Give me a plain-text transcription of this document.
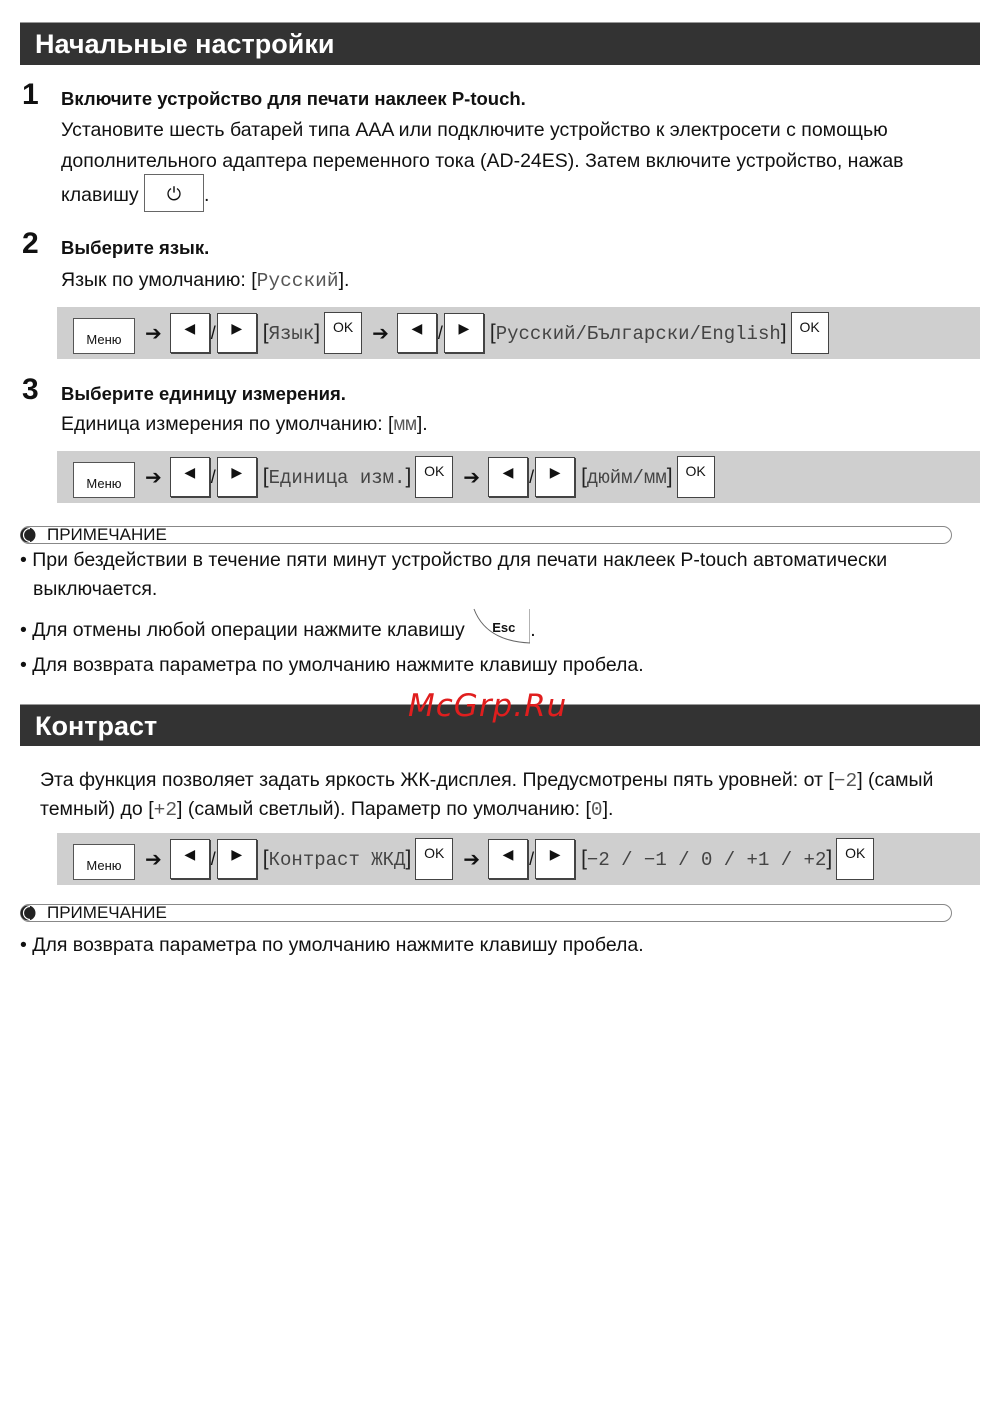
Начальные настройки
1 Включите устройство для печати наклеек P-touch.
Установите шесть батарей типа AAA или подключите устройство к электросети с помощью
дополнительного адаптера переменного тока (AD-24ES). Затем включите устройство, нажав
клавишу ⏻ .
2 Выберите язык.
Язык по умолчанию: [Русский].
Меню	➔ ◀ / ▶ [Язык] OK ➔ ◀ / ▶ [Русский/Български/English] OK
3 Выберите единицу измерения.
Единица измерения по умолчанию: [мм].
Меню	➔ ◀ / ▶ [Единица изм.] OK ➔ ◀ / ▶ [дюйм/мм] OK
ПРИМЕЧАНИЕ
• При бездействии в течение пяти минут устройство для печати наклеек P-touch автоматически
выключается.
• Для отмены любой операции нажмите клавишу Esc .
• Для возврата параметра по умолчанию нажмите клавишу пробела.
Контраст
McGrp.Ru
Эта функция позволяет задать яркость ЖК-дисплея. Предусмотрены пять уровней: от [−2] (самый
темный) до [+2] (самый светлый). Параметр по умолчанию: [0].
Меню	➔ ◀ / ▶ [Контраст ЖКД] OK ➔ ◀ / ▶ [−2 / −1 / 0 / +1 / +2] OK
ПРИМЕЧАНИЕ
• Для возврата параметра по умолчанию нажмите клавишу пробела.
